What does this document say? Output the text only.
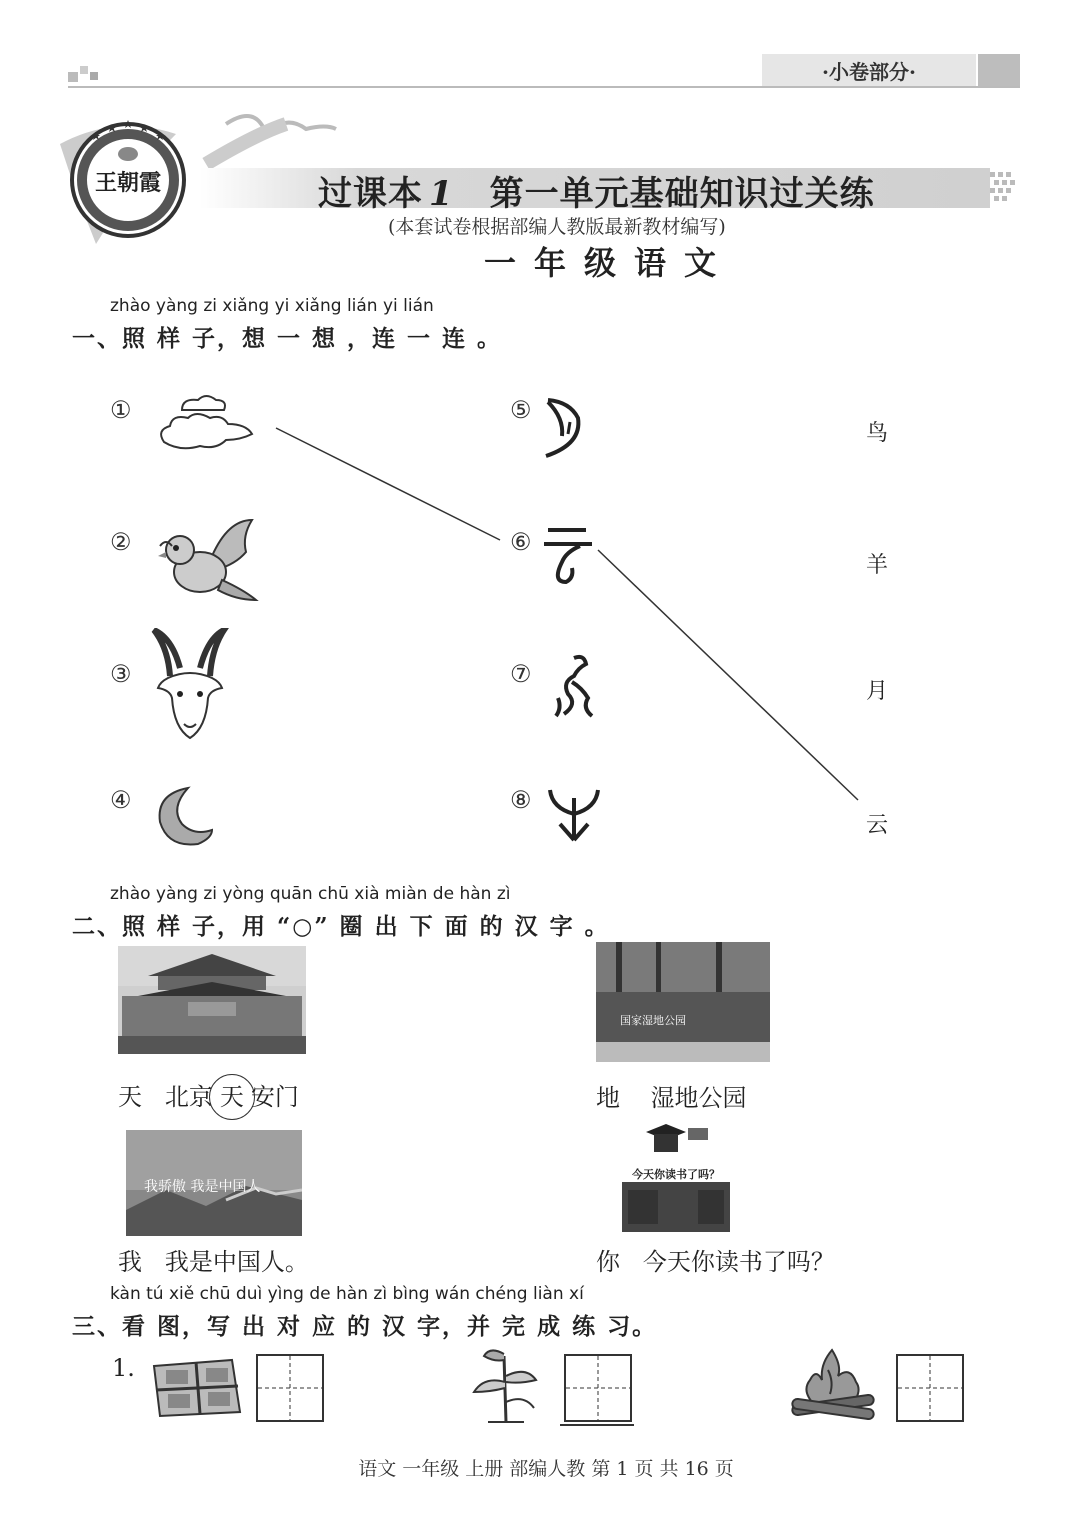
·小卷部分·
王朝霞	过课本 1 第一单元基础知识过关练
(本套试卷根据部编人教版最新教材编写)
一年级语文
zhào yàng zi xiǎng yi xiǎng lián yi lián
一、照 样 子，想 一 想 ，连 一 连 。
①
②
③
④
⑤
⑥
⑦
⑧
鸟
羊
月
云
zhào yàng zi yòng quān chū xià miàn de hàn zì
二、照 样 子，用 “○” 圈 出 下 面 的 汉 字 。
国家湿地公园
天 北京 天 安门	地 湿地公园
我骄傲 我是中国人
今天你读书了吗？
我 我是中国人。	你 今天你读书了吗？
kàn tú xiě chū duì yìng de hàn zì bìng wán chéng liàn xí
三、看 图，写 出 对 应 的 汉 字，并 完 成 练 习。
1.
语文 一年级 上册 部编人教 第 1 页 共 16 页
